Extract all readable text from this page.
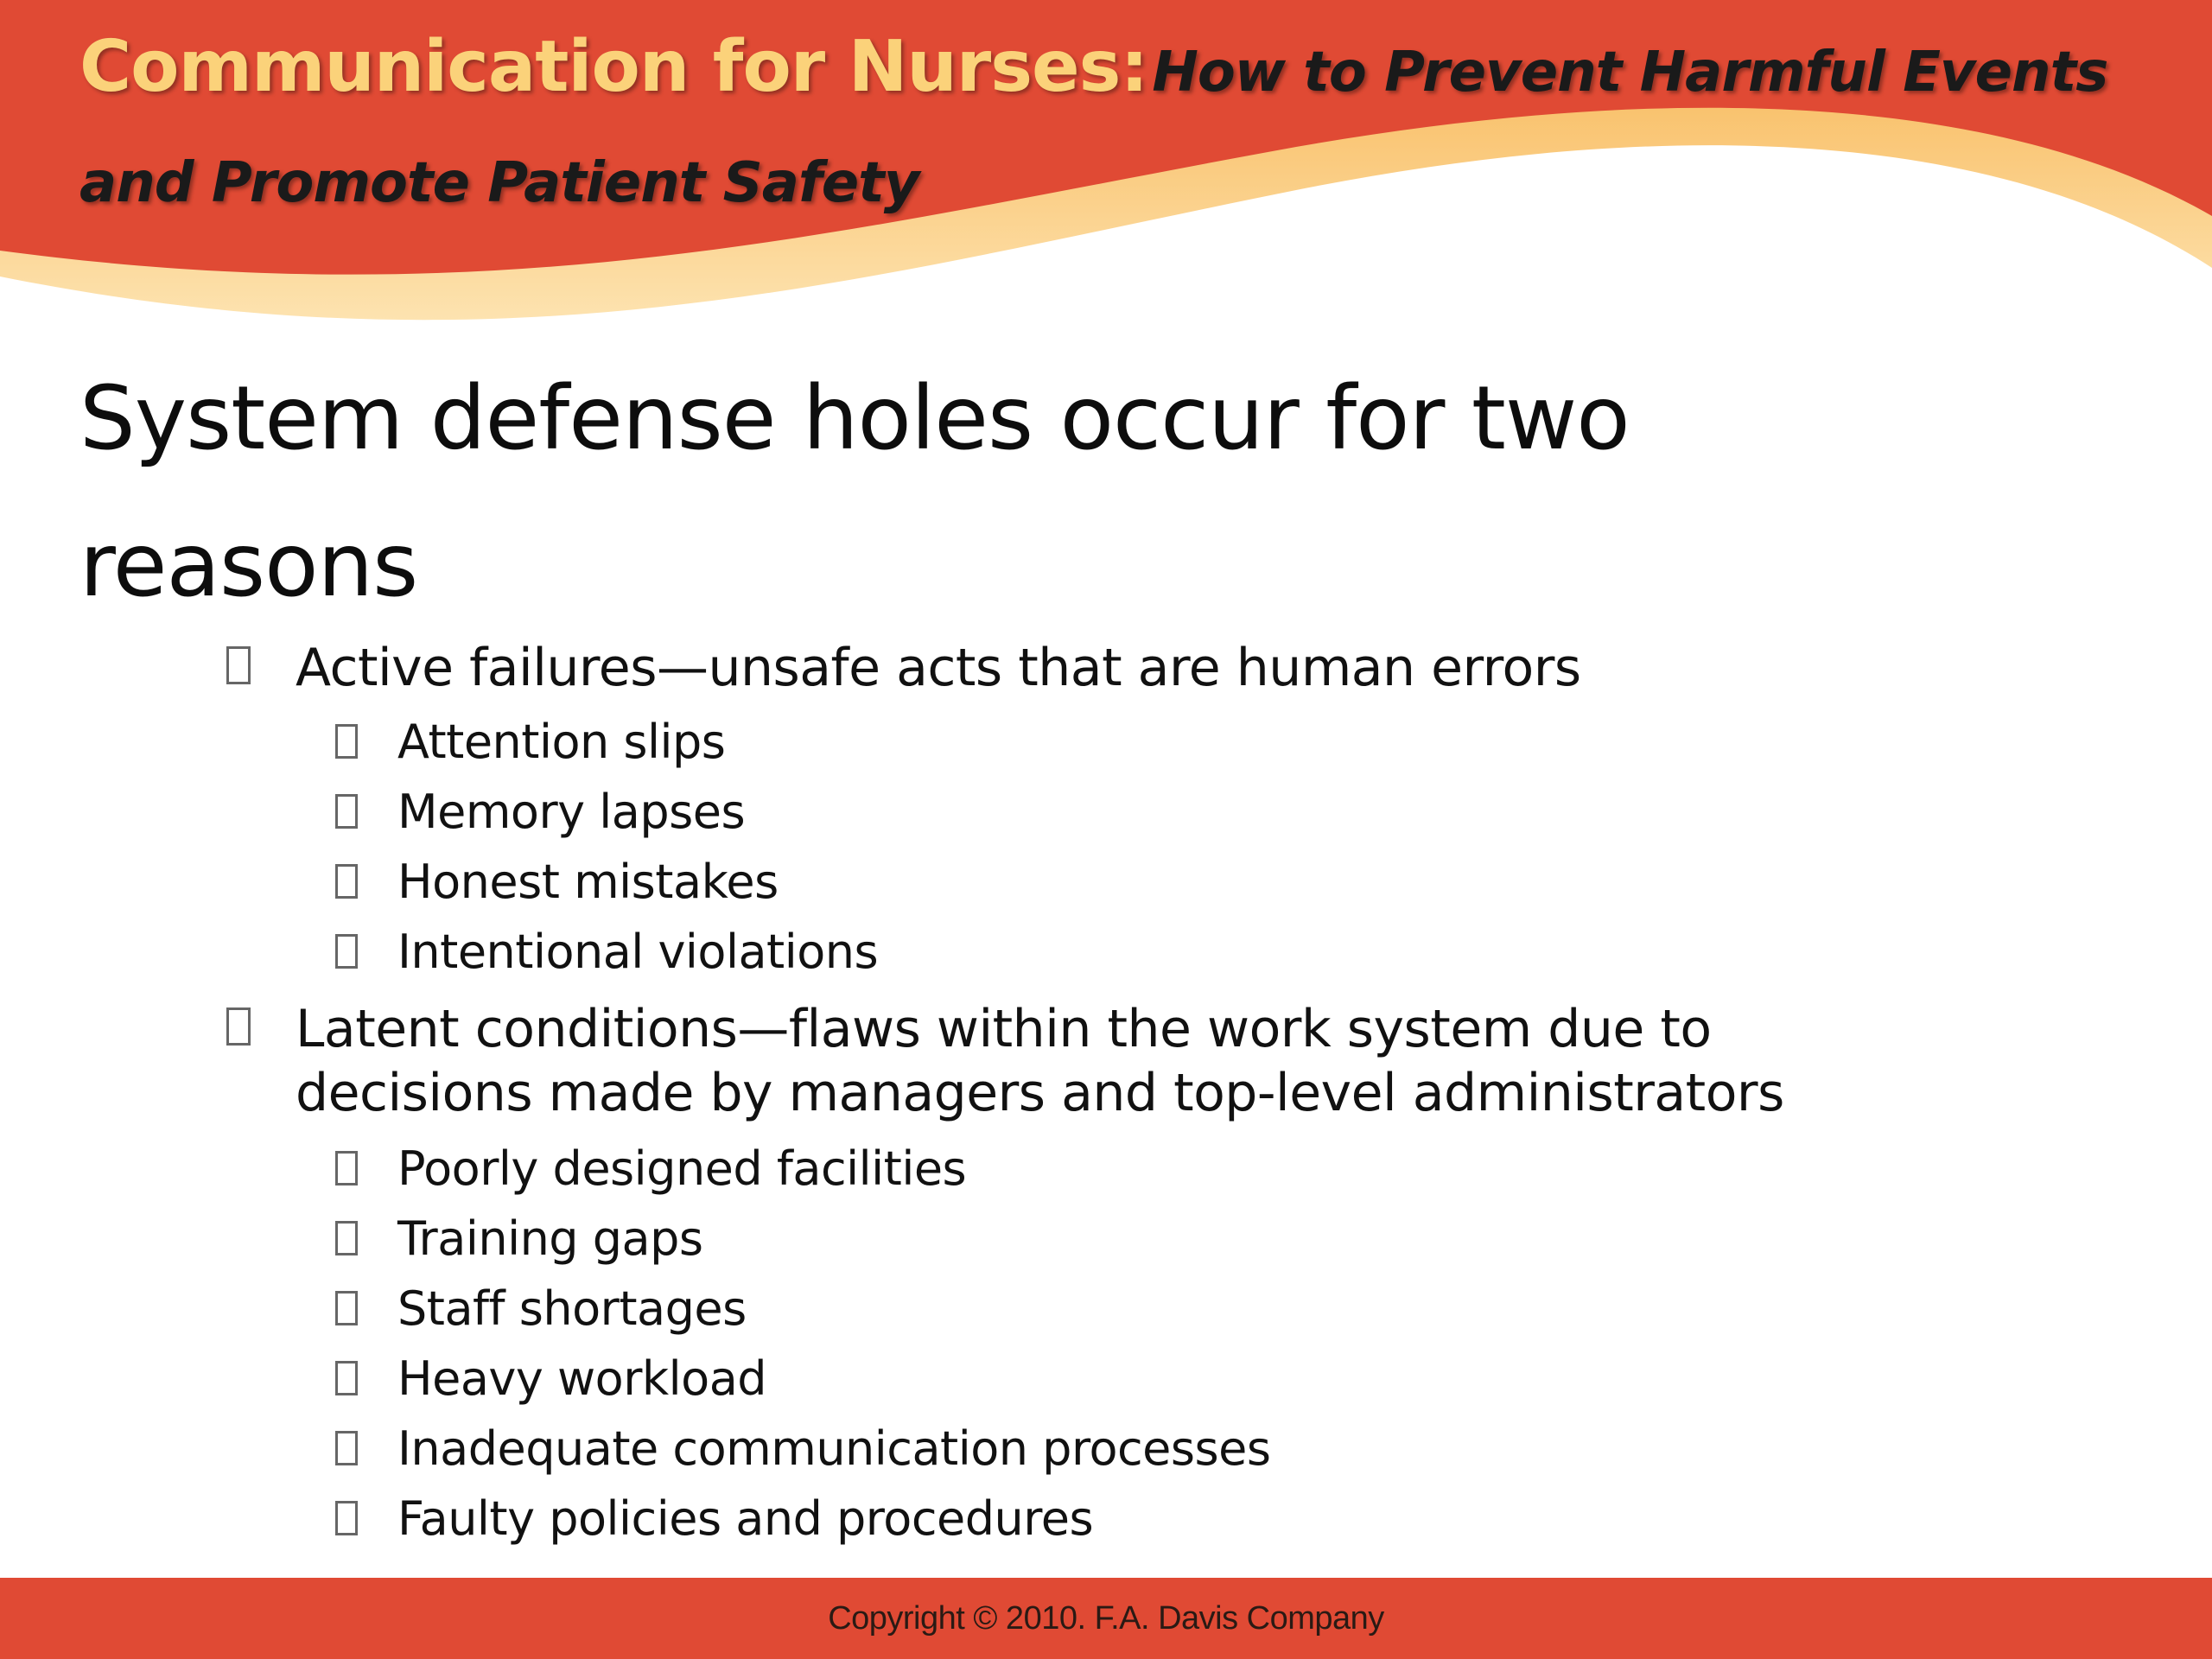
Communication for Nurses: How to Prevent Harmful Events and Promote Patient Safety
System defense holes occur for two reasons
Active failures—unsafe acts that are human errors
Attention slips
Memory lapses
Honest mistakes
Intentional violations
Latent conditions—flaws within the work system due to decisions made by managers and top-level administrators
Poorly designed facilities
Training gaps
Staff shortages
Heavy workload
Inadequate communication processes
Faulty policies and procedures
Copyright © 2010. F.A. Davis Company
